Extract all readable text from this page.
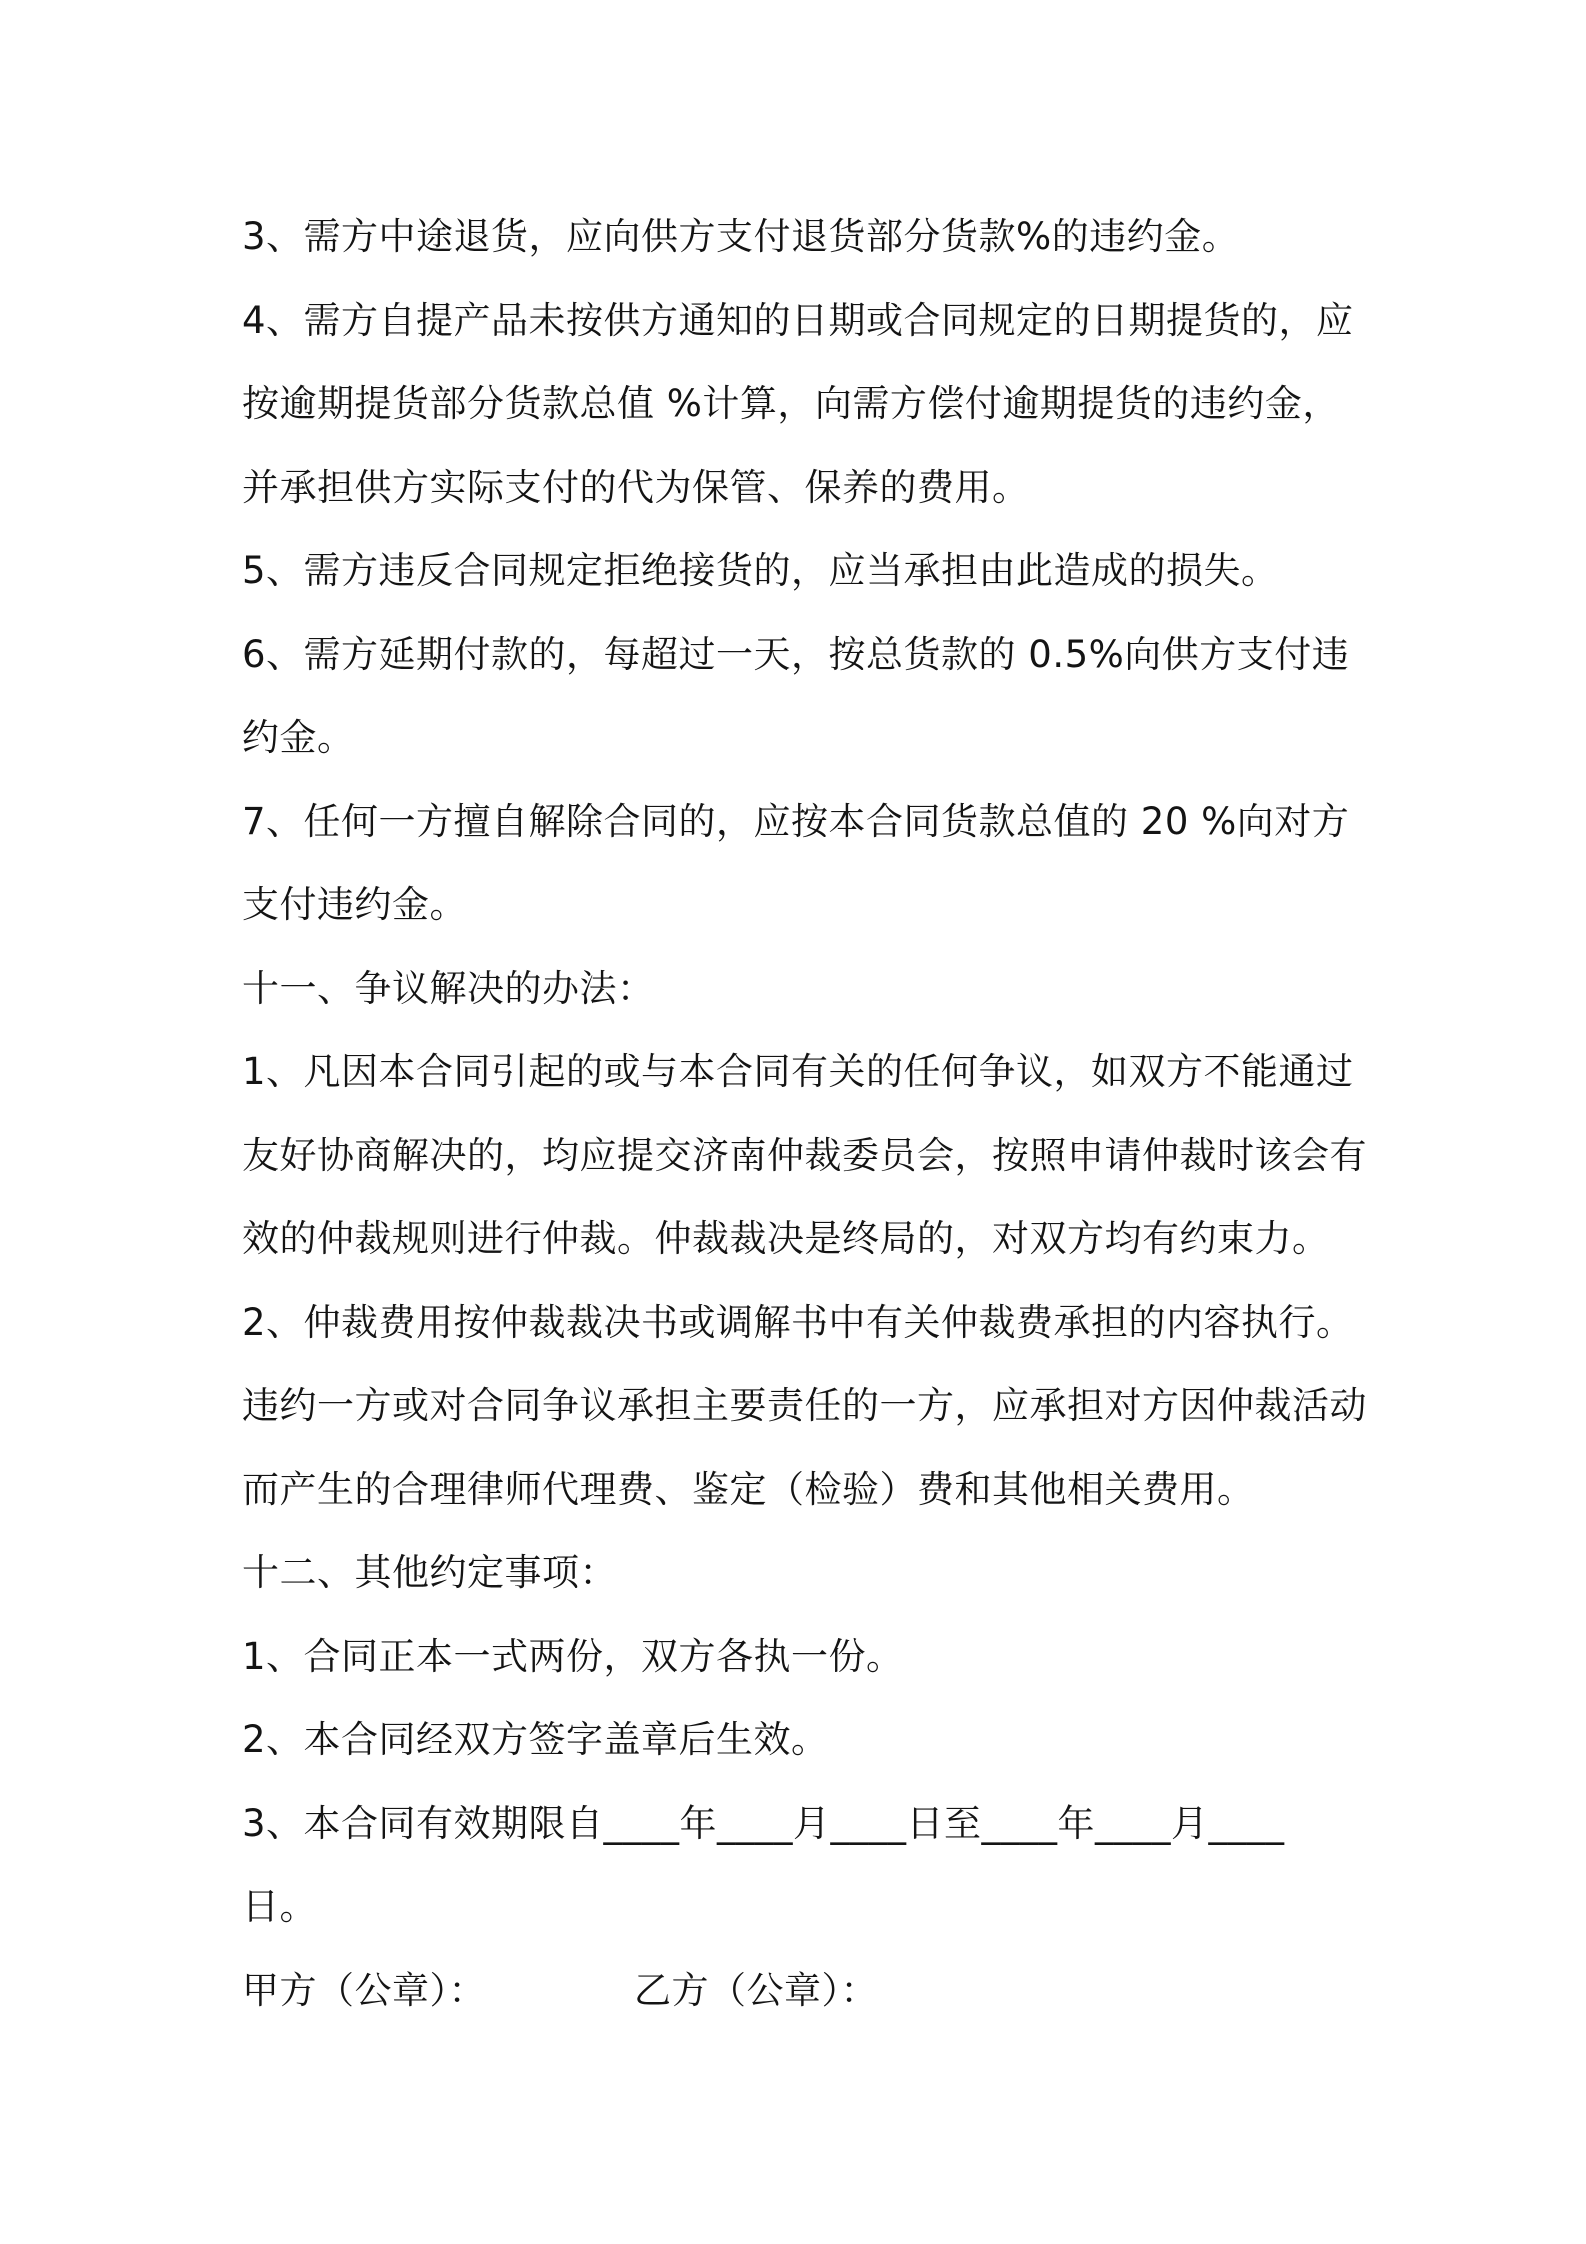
3、需方中途退货，应向供方支付退货部分货款%的违约金。
4、需方自提产品未按供方通知的日期或合同规定的日期提货的，应
按逾期提货部分货款总值 %计算，向需方偿付逾期提货的违约金，
并承担供方实际支付的代为保管、保养的费用。
5、需方违反合同规定拒绝接货的，应当承担由此造成的损失。
6、需方延期付款的，每超过一天，按总货款的 0.5%向供方支付违
约金。
7、任何一方擅自解除合同的，应按本合同货款总值的 20 %向对方
支付违约金。
十一、争议解决的办法：
1、凡因本合同引起的或与本合同有关的任何争议，如双方不能通过
友好协商解决的，均应提交济南仲裁委员会，按照申请仲裁时该会有
效的仲裁规则进行仲裁。仲裁裁决是终局的，对双方均有约束力。
2、仲裁费用按仲裁裁决书或调解书中有关仲裁费承担的内容执行。
违约一方或对合同争议承担主要责任的一方，应承担对方因仲裁活动
而产生的合理律师代理费、鉴定（检验）费和其他相关费用。
十二、其他约定事项：
1、合同正本一式两份，双方各执一份。
2、本合同经双方签字盖章后生效。
3、本合同有效期限自____年____月____日至____年____月____
日。
甲方（公章）：	乙方（公章）：
